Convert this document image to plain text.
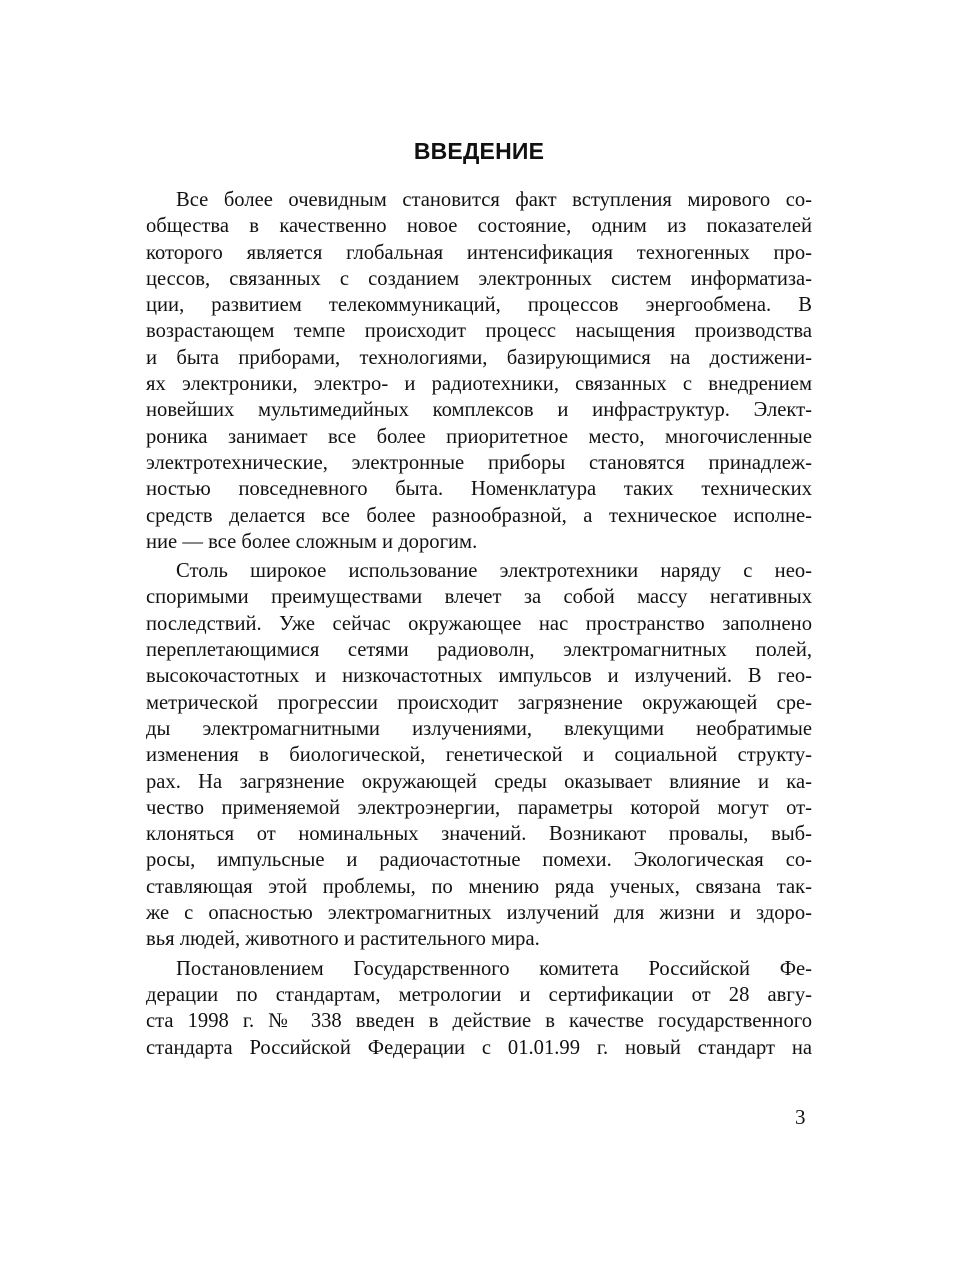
ВВЕДЕНИЕ
Все более очевидным становится факт вступления мирового со-
общества в качественно новое состояние, одним из показателей
которого является глобальная интенсификация техногенных про-
цессов, связанных с созданием электронных систем информатиза-
ции, развитием телекоммуникаций, процессов энергообмена. В
возрастающем темпе происходит процесс насыщения производства
и быта приборами, технологиями, базирующимися на достижени-
ях электроники, электро- и радиотехники, связанных с внедрением
новейших мультимедийных комплексов и инфраструктур. Элект-
роника занимает все более приоритетное место, многочисленные
электротехнические, электронные приборы становятся принадлеж-
ностью повседневного быта. Номенклатура таких технических
средств делается все более разнообразной, а техническое исполне-
ние — все более сложным и дорогим.
Столь широкое использование электротехники наряду с нео-
споримыми преимуществами влечет за собой массу негативных
последствий. Уже сейчас окружающее нас пространство заполнено
переплетающимися сетями радиоволн, электромагнитных полей,
высокочастотных и низкочастотных импульсов и излучений. В гео-
метрической прогрессии происходит загрязнение окружающей сре-
ды электромагнитными излучениями, влекущими необратимые
изменения в биологической, генетической и социальной структу-
рах. На загрязнение окружающей среды оказывает влияние и ка-
чество применяемой электроэнергии, параметры которой могут от-
клоняться от номинальных значений. Возникают провалы, выб-
росы, импульсные и радиочастотные помехи. Экологическая со-
ставляющая этой проблемы, по мнению ряда ученых, связана так-
же с опасностью электромагнитных излучений для жизни и здоро-
вья людей, животного и растительного мира.
Постановлением Государственного комитета Российской Фе-
дерации по стандартам, метрологии и сертификации от 28 авгу-
ста 1998 г. № 338 введен в действие в качестве государственного
стандарта Российской Федерации с 01.01.99 г. новый стандарт на
3
